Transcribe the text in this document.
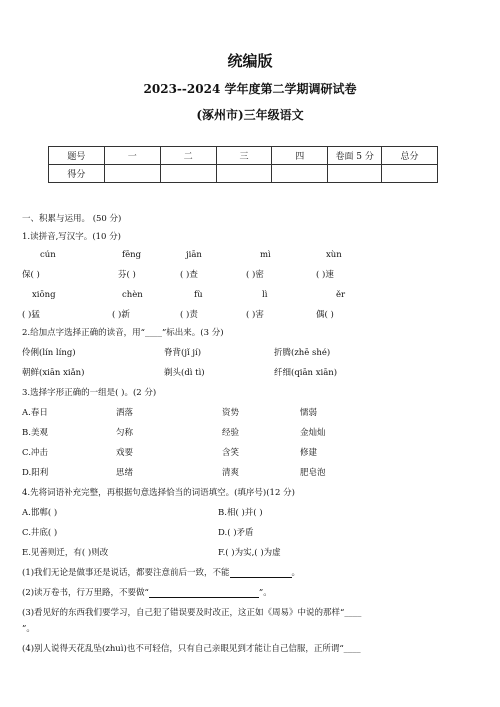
统编版
2023--2024 学年度第二学期调研试卷
(涿州市)三年级语文
题号	一	二	三	四	卷面 5 分	总分
得分						
一、积累与运用。 (50 分)
1.读拼音,写汉字。(10 分)
cún	fēng	jiān	mì	xùn
保( )	芬( )	( )查	( )密	( )速
xiōng	chèn	fù	lì	ěr
( )猛	( )新	( )责	( )害	偶( )
2.给加点字选择正确的读音，用“____”标出来。(3 分)
伶俐(lín líng)	脊背(jǐ jí)	折腾(zhē shé)
朝鲜(xiān xiǎn)	剃头(dì tì)	纤细(qiān xiān)
3.选择字形正确的一组是( )。(2 分)
A.春日	洒落	资势	懦弱
B.美观	匀称	经验	金灿灿
C.冲击	戏要	含笑	修建
D.阳利	思绪	清爽	肥皂泡
4.先将词语补充完整，再根据句意选择恰当的词语填空。(填序号)(12 分)
A.邯郸( )	B.相( )并( )
C.井底( )	D.( )矛盾
E.见善则迁，有( )则改	F.( )为实,( )为虚
(1)我们无论是做事还是说话，都要注意前后一致，不能	。
(2)读万卷书，行万里路，不要做“	”。
(3)看见好的东西我们要学习，自己犯了错误要及时改正，这正如《周易》中说的那样“____
”。
(4)别人说得天花乱坠(zhuì)也不可轻信，只有自己亲眼见到才能让自己信服，正所谓“____
